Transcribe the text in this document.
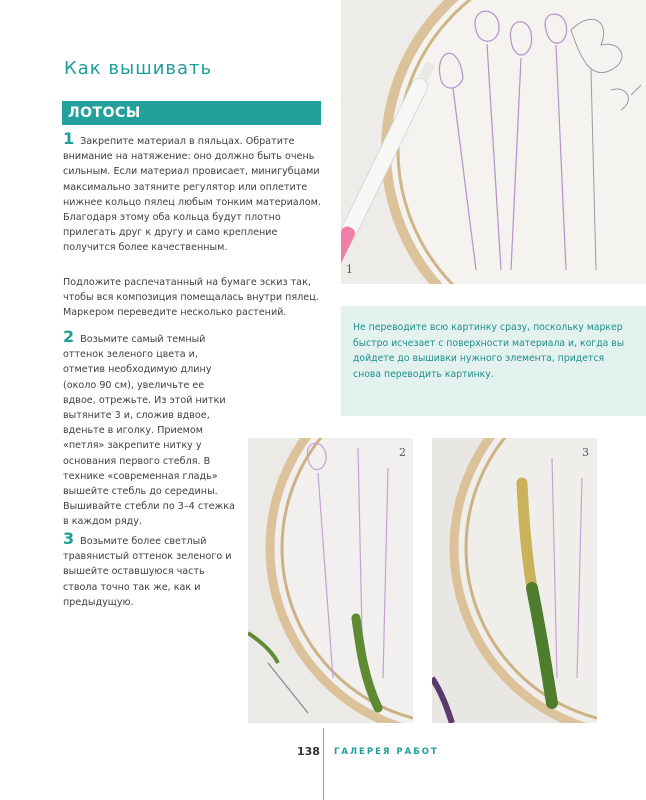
Как вышивать
ЛОТОСЫ

1 Закрепите материал в пяльцах. Обратите внимание на натяжение: оно должно быть очень сильным. Если материал провисает, минигубцами максимально затяните регулятор или оплетите нижнее кольцо пялец любым тонким материалом. Благодаря этому оба кольца будут плотно прилегать друг к другу и само крепление получится более качественным.

Подложите распечатанный на бумаге эскиз так, чтобы вся композиция помещалась внутри пялец. Маркером переведите несколько растений.

2 Возьмите самый темный оттенок зеленого цвета и, отметив необходимую длину (около 90 см), увеличьте ее вдвое, отрежьте. Из этой нитки вытяните 3 и, сложив вдвое, вденьте в иголку. Приемом «петля» закрепите нитку у основания первого стебля. В технике «современная гладь» вышейте стебль до середины. Вышивайте стебли по 3–4 стежка в каждом ряду.

3 Возьмите более светлый травянистый оттенок зеленого и вышейте оставшуюся часть ствола точно так же, как и предыдущую.

1

Не переводите всю картинку сразу, поскольку маркер быстро исчезает с поверхности материала и, когда вы дойдете до вышивки нужного элемента, придется снова переводить картинку.

2	3
138 ГАЛЕРЕЯ РАБОТ
